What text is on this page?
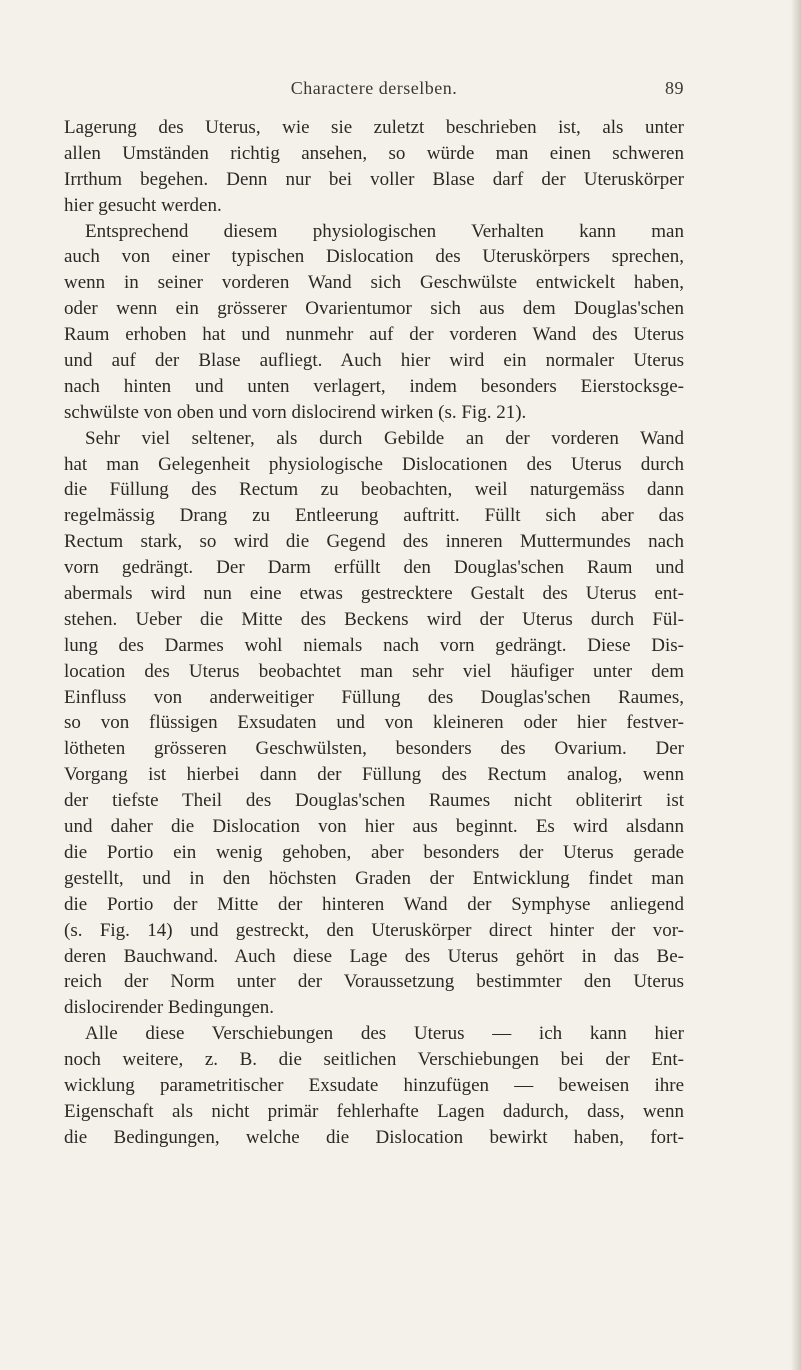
Charactere derselben.	89
Lagerung des Uterus, wie sie zuletzt beschrieben ist, als unter
allen Umständen richtig ansehen, so würde man einen schweren
Irrthum begehen. Denn nur bei voller Blase darf der Uteruskörper
hier gesucht werden.
Entsprechend diesem physiologischen Verhalten kann man
auch von einer typischen Dislocation des Uteruskörpers sprechen,
wenn in seiner vorderen Wand sich Geschwülste entwickelt haben,
oder wenn ein grösserer Ovarientumor sich aus dem Douglas'schen
Raum erhoben hat und nunmehr auf der vorderen Wand des Uterus
und auf der Blase aufliegt. Auch hier wird ein normaler Uterus
nach hinten und unten verlagert, indem besonders Eierstocksge-
schwülste von oben und vorn dislocirend wirken (s. Fig. 21).
Sehr viel seltener, als durch Gebilde an der vorderen Wand
hat man Gelegenheit physiologische Dislocationen des Uterus durch
die Füllung des Rectum zu beobachten, weil naturgemäss dann
regelmässig Drang zu Entleerung auftritt. Füllt sich aber das
Rectum stark, so wird die Gegend des inneren Muttermundes nach
vorn gedrängt. Der Darm erfüllt den Douglas'schen Raum und
abermals wird nun eine etwas gestrecktere Gestalt des Uterus ent-
stehen. Ueber die Mitte des Beckens wird der Uterus durch Fül-
lung des Darmes wohl niemals nach vorn gedrängt. Diese Dis-
location des Uterus beobachtet man sehr viel häufiger unter dem
Einfluss von anderweitiger Füllung des Douglas'schen Raumes,
so von flüssigen Exsudaten und von kleineren oder hier festver-
lötheten grösseren Geschwülsten, besonders des Ovarium. Der
Vorgang ist hierbei dann der Füllung des Rectum analog, wenn
der tiefste Theil des Douglas'schen Raumes nicht obliterirt ist
und daher die Dislocation von hier aus beginnt. Es wird alsdann
die Portio ein wenig gehoben, aber besonders der Uterus gerade
gestellt, und in den höchsten Graden der Entwicklung findet man
die Portio der Mitte der hinteren Wand der Symphyse anliegend
(s. Fig. 14) und gestreckt, den Uteruskörper direct hinter der vor-
deren Bauchwand. Auch diese Lage des Uterus gehört in das Be-
reich der Norm unter der Voraussetzung bestimmter den Uterus
dislocirender Bedingungen.
Alle diese Verschiebungen des Uterus — ich kann hier
noch weitere, z. B. die seitlichen Verschiebungen bei der Ent-
wicklung parametritischer Exsudate hinzufügen — beweisen ihre
Eigenschaft als nicht primär fehlerhafte Lagen dadurch, dass, wenn
die Bedingungen, welche die Dislocation bewirkt haben, fort-
